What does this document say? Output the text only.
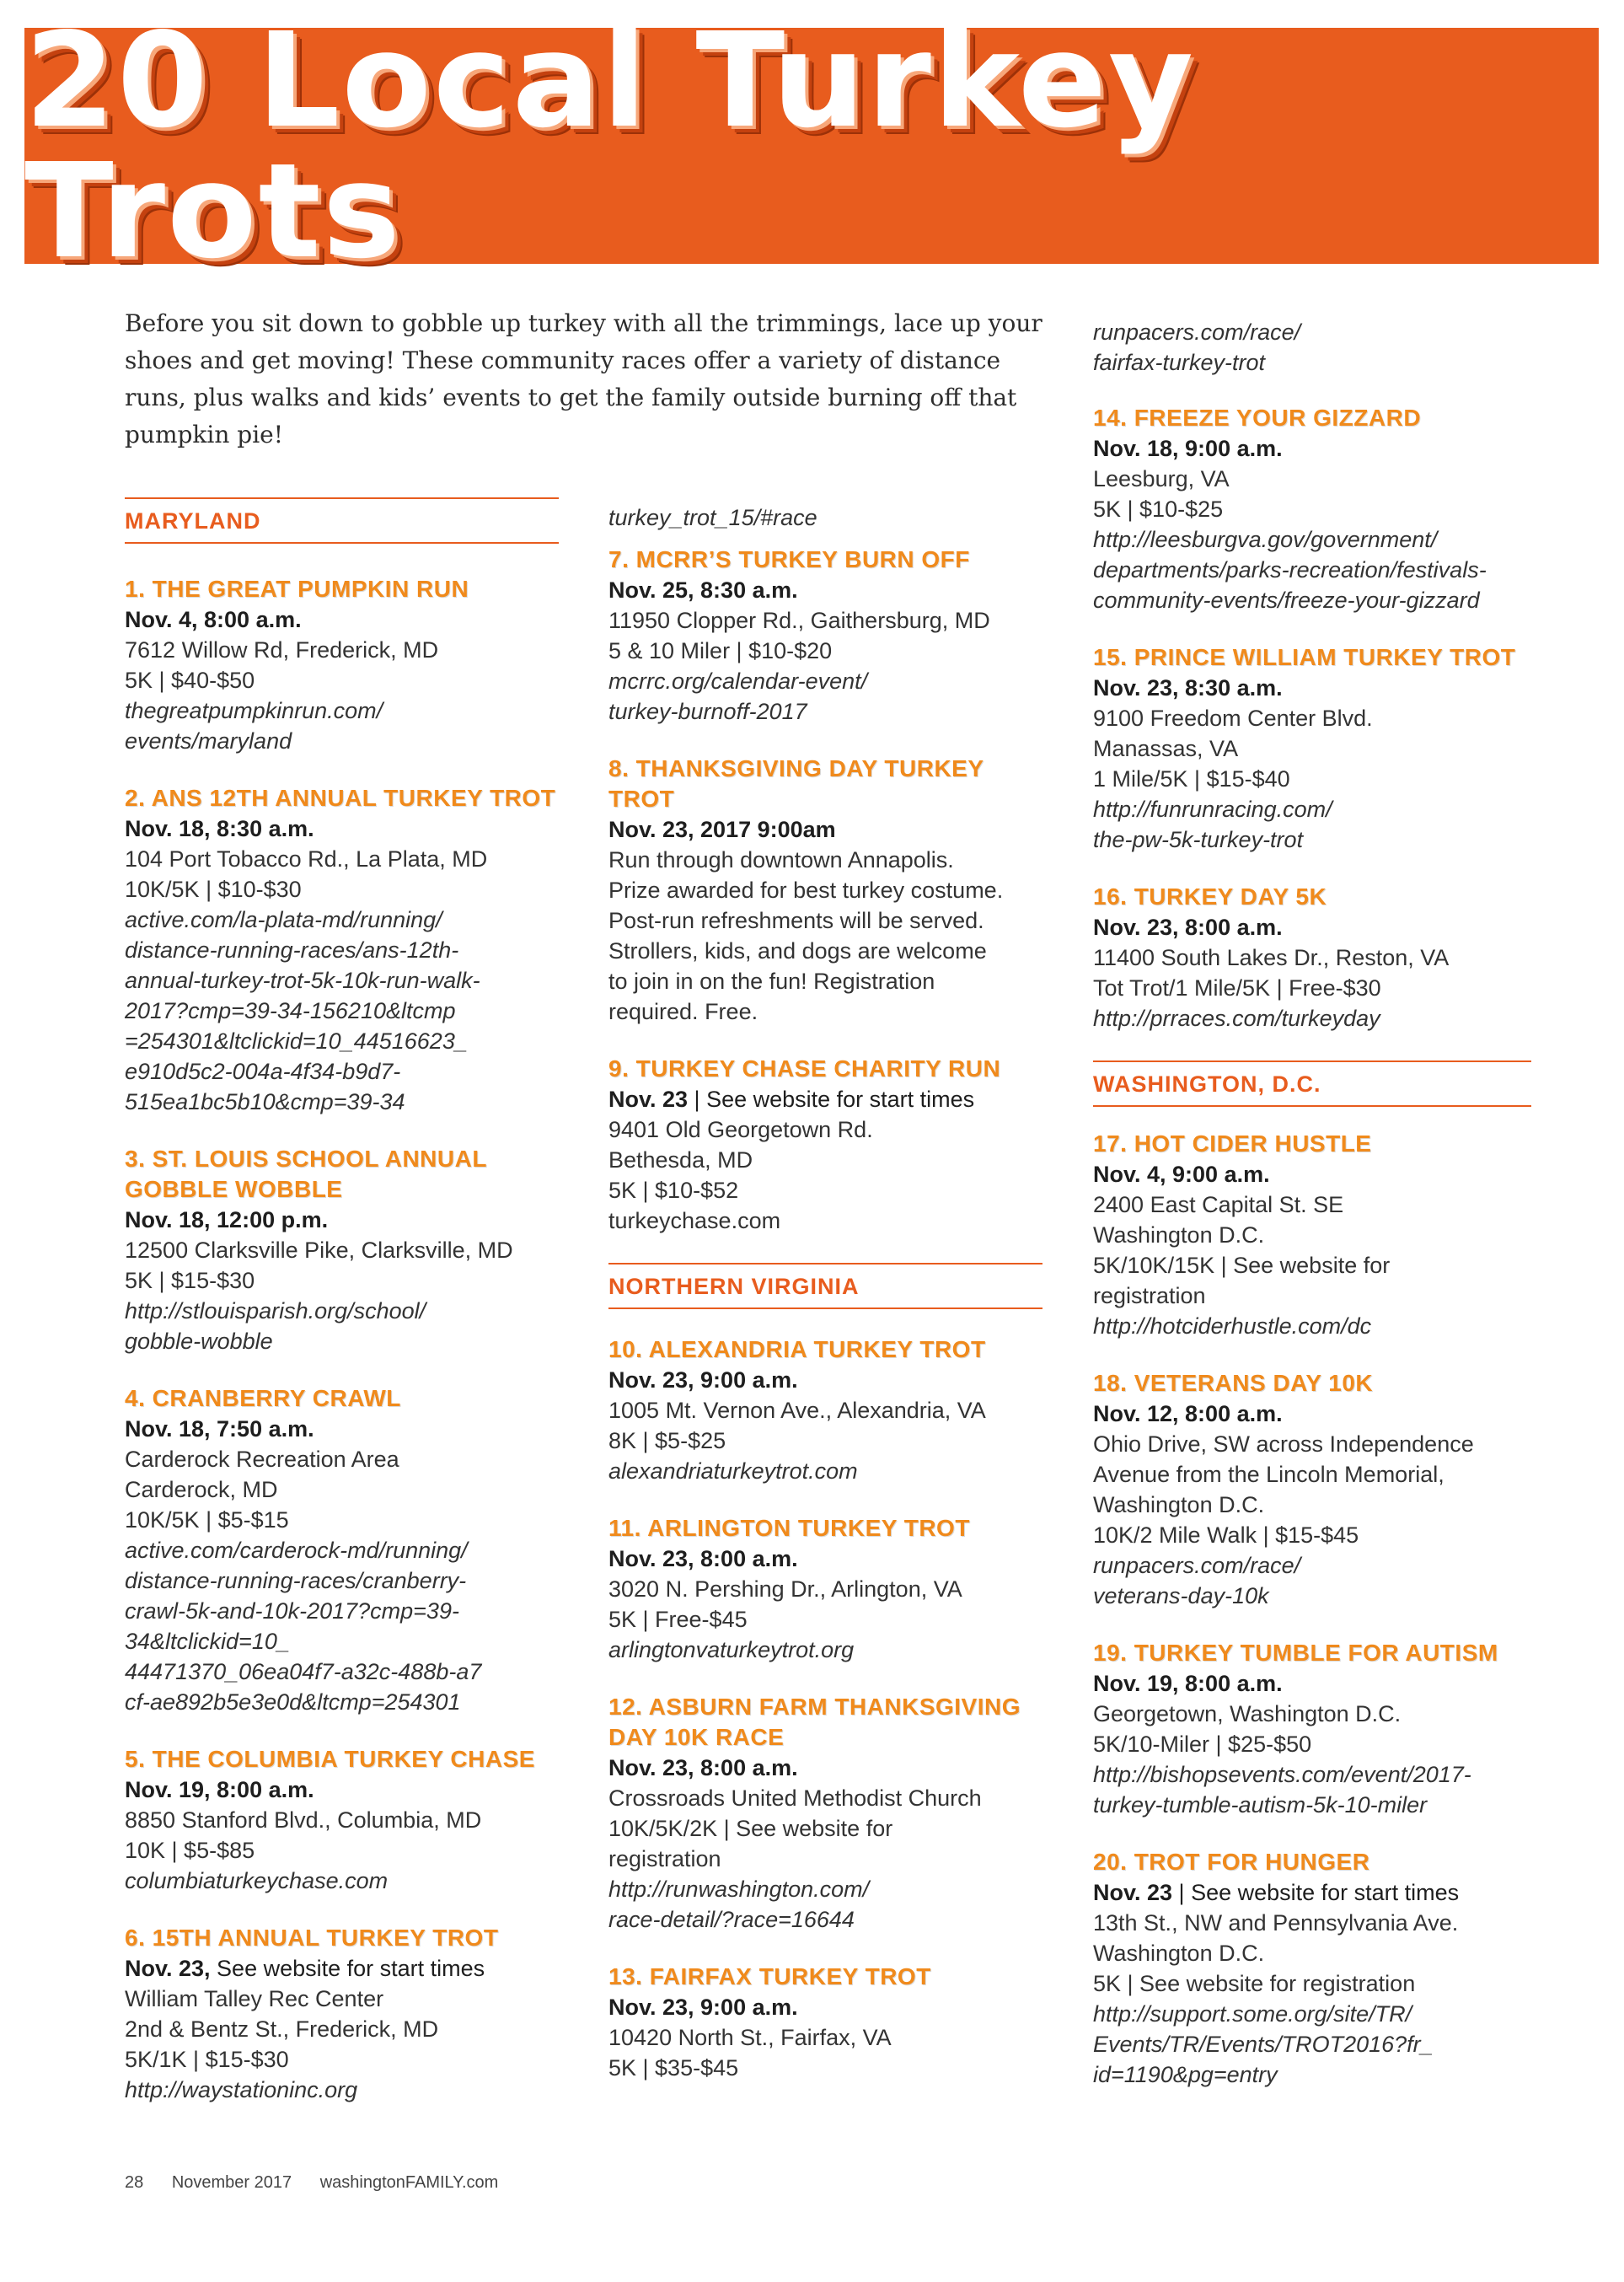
20 Local Turkey Trots

Before you sit down to gobble up turkey with all the trimmings, lace up your shoes and get moving! These community races offer a variety of distance runs, plus walks and kids’ events to get the family outside burning off that pumpkin pie!

MARYLAND
1. THE GREAT PUMPKIN RUN
Nov. 4, 8:00 a.m.
7612 Willow Rd, Frederick, MD
5K | $40-$50
thegreatpumpkinrun.com/
events/maryland
2. ANS 12TH ANNUAL TURKEY TROT
Nov. 18, 8:30 a.m.
104 Port Tobacco Rd., La Plata, MD
10K/5K | $10-$30
active.com/la-plata-md/running/
distance-running-races/ans-12th-
annual-turkey-trot-5k-10k-run-walk-
2017?cmp=39-34-156210&ltcmp
=254301&ltclickid=10_44516623_
e910d5c2-004a-4f34-b9d7-
515ea1bc5b10&cmp=39-34
3. ST. LOUIS SCHOOL ANNUAL GOBBLE WOBBLE
Nov. 18, 12:00 p.m.
12500 Clarksville Pike, Clarksville, MD
5K | $15-$30
http://stlouisparish.org/school/
gobble-wobble
4. CRANBERRY CRAWL
Nov. 18, 7:50 a.m.
Carderock Recreation Area
Carderock, MD
10K/5K | $5-$15
active.com/carderock-md/running/
distance-running-races/cranberry-
crawl-5k-and-10k-2017?cmp=39-
34&ltclickid=10_
44471370_06ea04f7-a32c-488b-a7
cf-ae892b5e3e0d&ltcmp=254301
5. THE COLUMBIA TURKEY CHASE
Nov. 19, 8:00 a.m.
8850 Stanford Blvd., Columbia, MD
10K | $5-$85
columbiaturkeychase.com
6. 15TH ANNUAL TURKEY TROT
Nov. 23, See website for start times
William Talley Rec Center
2nd & Bentz St., Frederick, MD
5K/1K | $15-$30
http://waystationinc.org
turkey_trot_15/#race
7. MCRR’S TURKEY BURN OFF
Nov. 25, 8:30 a.m.
11950 Clopper Rd., Gaithersburg, MD
5 & 10 Miler | $10-$20
mcrrc.org/calendar-event/
turkey-burnoff-2017
8. THANKSGIVING DAY TURKEY TROT
Nov. 23, 2017 9:00am
Run through downtown Annapolis.
Prize awarded for best turkey costume.
Post-run refreshments will be served.
Strollers, kids, and dogs are welcome
to join in on the fun! Registration
required. Free.
9. TURKEY CHASE CHARITY RUN
Nov. 23 | See website for start times
9401 Old Georgetown Rd.
Bethesda, MD
5K | $10-$52
turkeychase.com
NORTHERN VIRGINIA
10. ALEXANDRIA TURKEY TROT
Nov. 23, 9:00 a.m.
1005 Mt. Vernon Ave., Alexandria, VA
8K | $5-$25
alexandriaturkeytrot.com
11. ARLINGTON TURKEY TROT
Nov. 23, 8:00 a.m.
3020 N. Pershing Dr., Arlington, VA
5K | Free-$45
arlingtonvaturkeytrot.org
12. ASBURN FARM THANKSGIVING DAY 10K RACE
Nov. 23, 8:00 a.m.
Crossroads United Methodist Church
10K/5K/2K | See website for
registration
http://runwashington.com/
race-detail/?race=16644
13. FAIRFAX TURKEY TROT
Nov. 23, 9:00 a.m.
10420 North St., Fairfax, VA
5K | $35-$45
runpacers.com/race/
fairfax-turkey-trot
14. FREEZE YOUR GIZZARD
Nov. 18, 9:00 a.m.
Leesburg, VA
5K | $10-$25
http://leesburgva.gov/government/
departments/parks-recreation/festivals-
community-events/freeze-your-gizzard
15. PRINCE WILLIAM TURKEY TROT
Nov. 23, 8:30 a.m.
9100 Freedom Center Blvd.
Manassas, VA
1 Mile/5K | $15-$40
http://funrunracing.com/
the-pw-5k-turkey-trot
16. TURKEY DAY 5K
Nov. 23, 8:00 a.m.
11400 South Lakes Dr., Reston, VA
Tot Trot/1 Mile/5K | Free-$30
http://prraces.com/turkeyday
WASHINGTON, D.C.
17. HOT CIDER HUSTLE
Nov. 4, 9:00 a.m.
2400 East Capital St. SE
Washington D.C.
5K/10K/15K | See website for
registration
http://hotciderhustle.com/dc
18. VETERANS DAY 10K
Nov. 12, 8:00 a.m.
Ohio Drive, SW across Independence
Avenue from the Lincoln Memorial,
Washington D.C.
10K/2 Mile Walk | $15-$45
runpacers.com/race/
veterans-day-10k
19. TURKEY TUMBLE FOR AUTISM
Nov. 19, 8:00 a.m.
Georgetown, Washington D.C.
5K/10-Miler | $25-$50
http://bishopsevents.com/event/2017-
turkey-tumble-autism-5k-10-miler
20. TROT FOR HUNGER
Nov. 23 | See website for start times
13th St., NW and Pennsylvania Ave.
Washington D.C.
5K | See website for registration
http://support.some.org/site/TR/
Events/TR/Events/TROT2016?fr_
id=1190&pg=entry
28 November 2017 washingtonFAMILY.com
